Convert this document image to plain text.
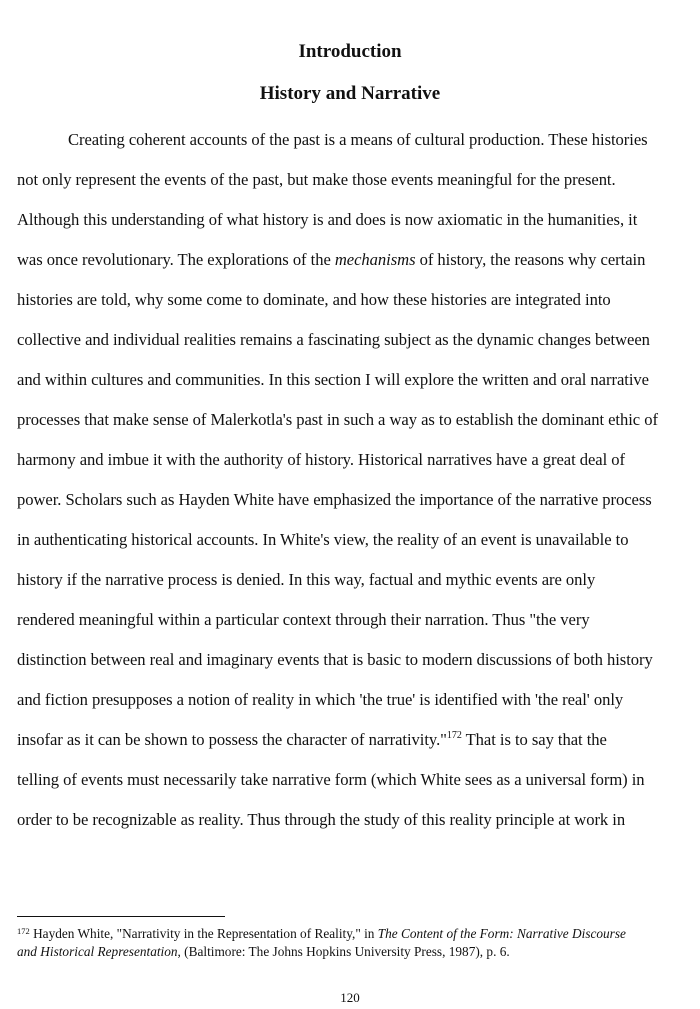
Introduction
History and Narrative
Creating coherent accounts of the past is a means of cultural production. These histories
not only represent the events of the past, but make those events meaningful for the present.
Although this understanding of what history is and does is now axiomatic in the humanities, it
was once revolutionary. The explorations of the mechanisms of history, the reasons why certain
histories are told, why some come to dominate, and how these histories are integrated into
collective and individual realities remains a fascinating subject as the dynamic changes between
and within cultures and communities. In this section I will explore the written and oral narrative
processes that make sense of Malerkotla's past in such a way as to establish the dominant ethic of
harmony and imbue it with the authority of history. Historical narratives have a great deal of
power. Scholars such as Hayden White have emphasized the importance of the narrative process
in authenticating historical accounts. In White's view, the reality of an event is unavailable to
history if the narrative process is denied. In this way, factual and mythic events are only
rendered meaningful within a particular context through their narration. Thus "the very
distinction between real and imaginary events that is basic to modern discussions of both history
and fiction presupposes a notion of reality in which 'the true' is identified with 'the real' only
insofar as it can be shown to possess the character of narrativity."$^{172}$ That is to say that the
telling of events must necessarily take narrative form (which White sees as a universal form) in
order to be recognizable as reality. Thus through the study of this reality principle at work in
$^{172}$ Hayden White, "Narrativity in the Representation of Reality," in The Content of the Form: Narrative Discourse
and Historical Representation, (Baltimore: The Johns Hopkins University Press, 1987), p. 6.
120
